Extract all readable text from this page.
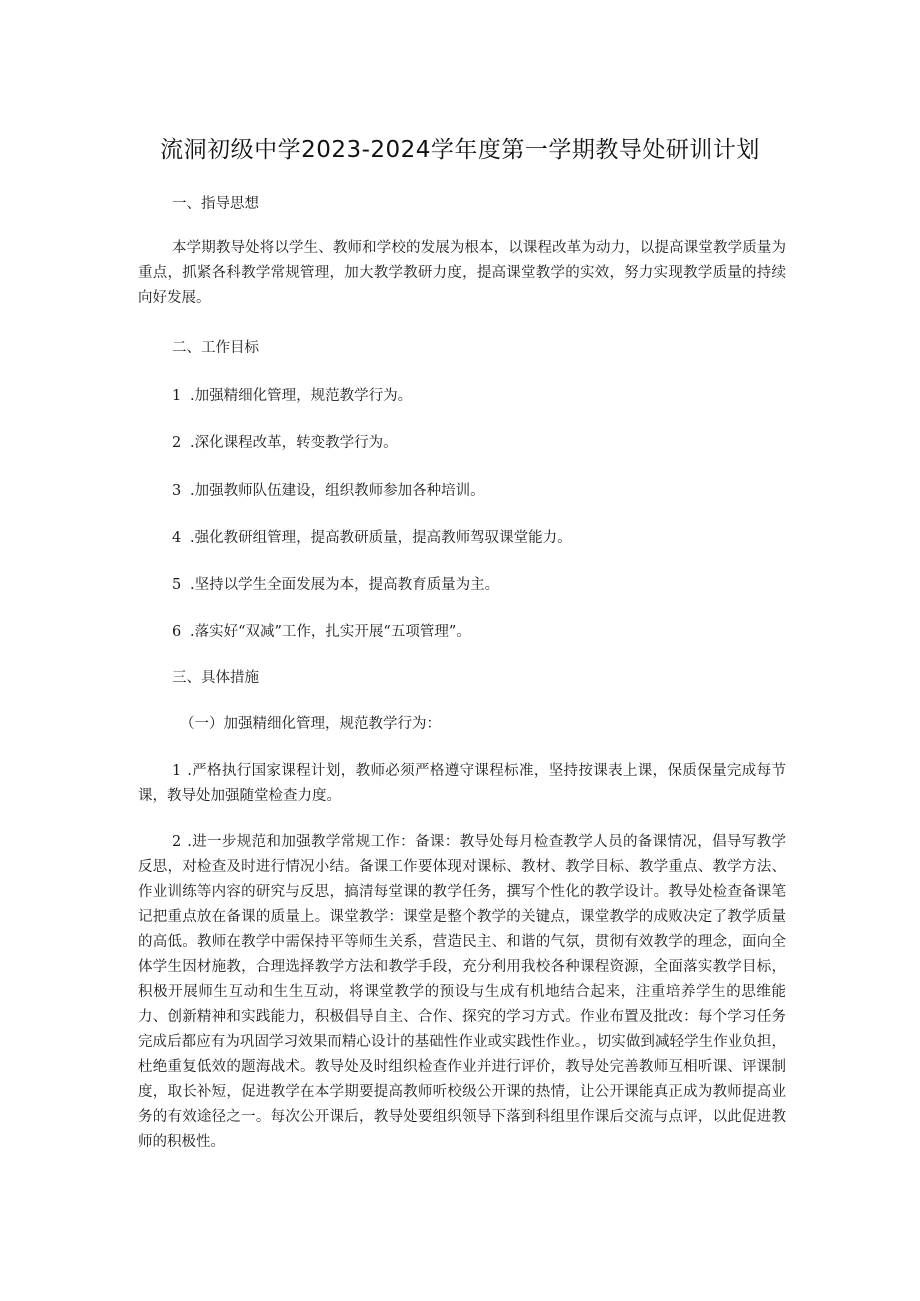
流洞初级中学2023-2024学年度第一学期教导处研训计划
一、指导思想
本学期教导处将以学生、教师和学校的发展为根本，以课程改革为动力，以提高课堂教学质量为重点，抓紧各科教学常规管理，加大教学教研力度，提高课堂教学的实效，努力实现教学质量的持续向好发展。
二、工作目标
1 .加强精细化管理，规范教学行为。
2 .深化课程改革，转变教学行为。
3 .加强教师队伍建设，组织教师参加各种培训。
4 .强化教研组管理，提高教研质量，提高教师驾驭课堂能力。
5 .坚持以学生全面发展为本，提高教育质量为主。
6 .落实好“双减”工作，扎实开展“五项管理”。
三、具体措施
（一）加强精细化管理，规范教学行为：
1 .严格执行国家课程计划，教师必须严格遵守课程标准，坚持按课表上课，保质保量完成每节课，教导处加强随堂检查力度。
2 .进一步规范和加强教学常规工作：备课：教导处每月检查教学人员的备课情况，倡导写教学反思，对检查及时进行情况小结。备课工作要体现对课标、教材、教学目标、教学重点、教学方法、作业训练等内容的研究与反思，搞清每堂课的教学任务，撰写个性化的教学设计。教导处检查备课笔记把重点放在备课的质量上。课堂教学：课堂是整个教学的关键点，课堂教学的成败决定了教学质量的高低。教师在教学中需保持平等师生关系，营造民主、和谐的气氛，贯彻有效教学的理念，面向全体学生因材施教，合理选择教学方法和教学手段，充分利用我校各种课程资源，全面落实教学目标，积极开展师生互动和生生互动，将课堂教学的预设与生成有机地结合起来，注重培养学生的思维能力、创新精神和实践能力，积极倡导自主、合作、探究的学习方式。作业布置及批改：每个学习任务完成后都应有为巩固学习效果而精心设计的基础性作业或实践性作业。，切实做到减轻学生作业负担，杜绝重复低效的题海战术。教导处及时组织检查作业并进行评价，教导处完善教师互相听课、评课制度，取长补短，促进教学在本学期要提高教师听校级公开课的热情，让公开课能真正成为教师提高业务的有效途径之一。每次公开课后，教导处要组织领导下落到科组里作课后交流与点评，以此促进教师的积极性。
